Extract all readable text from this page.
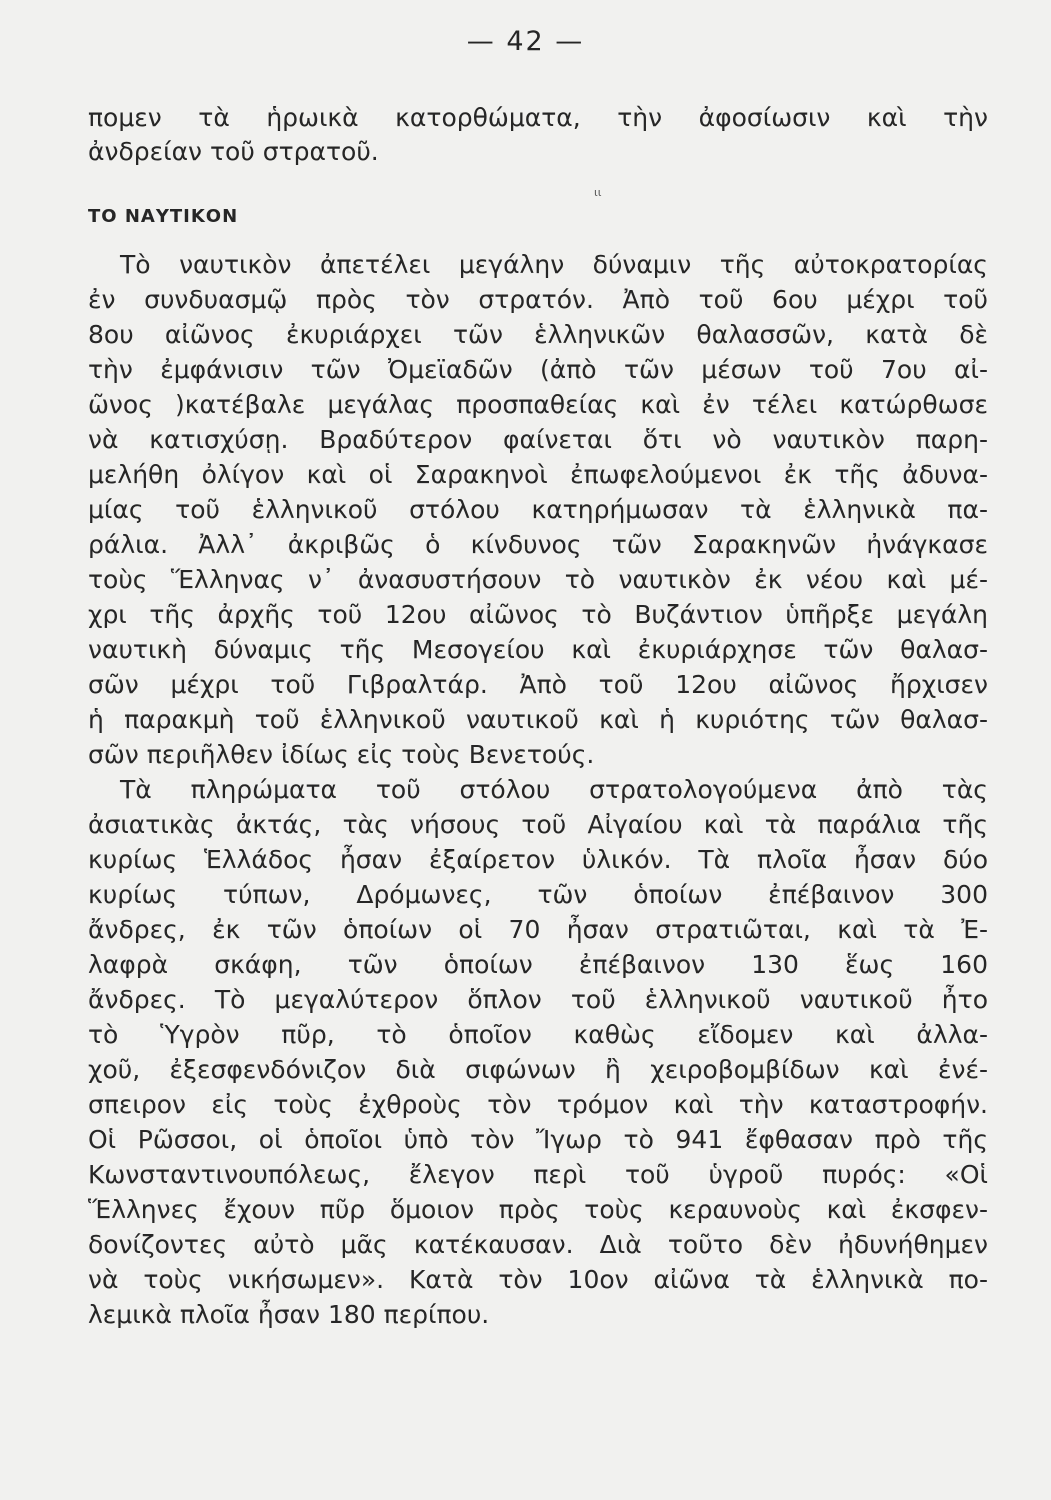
— 42 —
πομεν τὰ ἡρωικὰ κατορθώματα, τὴν ἀφοσίωσιν καὶ τὴν
ἀνδρείαν τοῦ στρατοῦ.
ιι
ΤΟ ΝΑΥΤΙΚΟΝ
Τὸ ναυτικὸν ἀπετέλει μεγάλην δύναμιν τῆς αὐτοκρατορίας
ἐν συνδυασμῷ πρὸς τὸν στρατόν. Ἀπὸ τοῦ 6ου μέχρι τοῦ
8ου αἰῶνος ἐκυριάρχει τῶν ἑλληνικῶν θαλασσῶν, κατὰ δὲ
τὴν ἐμφάνισιν τῶν Ὀμεϊαδῶν (ἀπὸ τῶν μέσων τοῦ 7ου αἰ-
ῶνος )κατέβαλε μεγάλας προσπαθείας καὶ ἐν τέλει κατώρθωσε
νὰ κατισχύσῃ. Βραδύτερον φαίνεται ὅτι νὸ ναυτικὸν παρη-
μελήθη ὀλίγον καὶ οἱ Σαρακηνοὶ ἐπωφελούμενοι ἐκ τῆς ἀδυνα-
μίας τοῦ ἑλληνικοῦ στόλου κατηρήμωσαν τὰ ἑλληνικὰ πα-
ράλια. Ἀλλ᾽ ἀκριβῶς ὁ κίνδυνος τῶν Σαρακηνῶν ἠνάγκασε
τοὺς Ἕλληνας ν᾽ ἀνασυστήσουν τὸ ναυτικὸν ἐκ νέου καὶ μέ-
χρι τῆς ἀρχῆς τοῦ 12ου αἰῶνος τὸ Βυζάντιον ὑπῆρξε μεγάλη
ναυτικὴ δύναμις τῆς Μεσογείου καὶ ἐκυριάρχησε τῶν θαλασ-
σῶν μέχρι τοῦ Γιβραλτάρ. Ἀπὸ τοῦ 12ου αἰῶνος ἤρχισεν
ἡ παρακμὴ τοῦ ἑλληνικοῦ ναυτικοῦ καὶ ἡ κυριότης τῶν θαλασ-
σῶν περιῆλθεν ἰδίως εἰς τοὺς Βενετούς.
Τὰ πληρώματα τοῦ στόλου στρατολογούμενα ἀπὸ τὰς
ἀσιατικὰς ἀκτάς, τὰς νήσους τοῦ Αἰγαίου καὶ τὰ παράλια τῆς
κυρίως Ἑλλάδος ἦσαν ἐξαίρετον ὑλικόν. Τὰ πλοῖα ἦσαν δύο
κυρίως τύπων, Δρόμωνες, τῶν ὁποίων ἐπέβαινον 300
ἄνδρες, ἐκ τῶν ὁποίων οἱ 70 ἦσαν στρατιῶται, καὶ τὰ Ἐ-
λαφρὰ σκάφη, τῶν ὁποίων ἐπέβαινον 130 ἕως 160
ἄνδρες. Τὸ μεγαλύτερον ὅπλον τοῦ ἑλληνικοῦ ναυτικοῦ ἦτο
τὸ Ὑγρὸν πῦρ, τὸ ὁποῖον καθὼς εἴδομεν καὶ ἀλλα-
χοῦ, ἐξεσφενδόνιζον διὰ σιφώνων ἢ χειροβομβίδων καὶ ἐνέ-
σπειρον εἰς τοὺς ἐχθροὺς τὸν τρόμον καὶ τὴν καταστροφήν.
Οἱ Ρῶσσοι, οἱ ὁποῖοι ὑπὸ τὸν Ἴγωρ τὸ 941 ἔφθασαν πρὸ τῆς
Κωνσταντινουπόλεως, ἔλεγον περὶ τοῦ ὑγροῦ πυρός: «Οἱ
Ἕλληνες ἔχουν πῦρ ὅμοιον πρὸς τοὺς κεραυνοὺς καὶ ἐκσφεν-
δονίζοντες αὐτὸ μᾶς κατέκαυσαν. Διὰ τοῦτο δὲν ἠδυνήθημεν
νὰ τοὺς νικήσωμεν». Κατὰ τὸν 10ον αἰῶνα τὰ ἑλληνικὰ πο-
λεμικὰ πλοῖα ἦσαν 180 περίπου.
